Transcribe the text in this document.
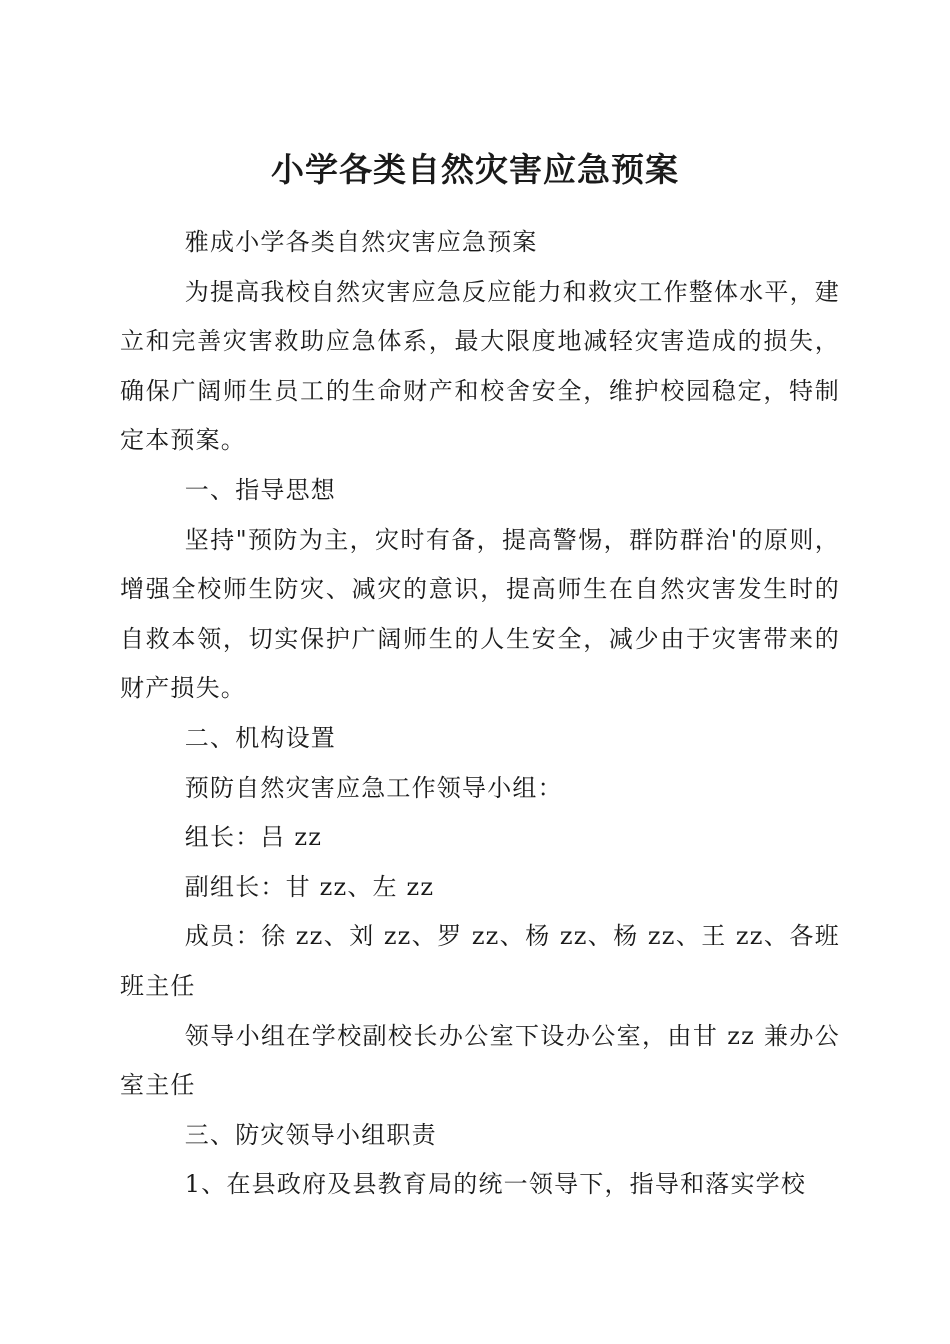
小学各类自然灾害应急预案

雅成小学各类自然灾害应急预案

为提高我校自然灾害应急反应能力和救灾工作整体水平，建立和完善灾害救助应急体系，最大限度地减轻灾害造成的损失，确保广阔师生员工的生命财产和校舍安全，维护校园稳定，特制定本预案。

一、指导思想

坚持"预防为主，灾时有备，提高警惕，群防群治'的原则，增强全校师生防灾、减灾的意识，提高师生在自然灾害发生时的自救本领，切实保护广阔师生的人生安全，减少由于灾害带来的财产损失。

二、机构设置

预防自然灾害应急工作领导小组：

组长：吕 zz

副组长：甘 zz、左 zz

成员：徐 zz、刘 zz、罗 zz、杨 zz、杨 zz、王 zz、各班班主任

领导小组在学校副校长办公室下设办公室，由甘 zz 兼办公室主任

三、防灾领导小组职责

1、在县政府及县教育局的统一领导下，指导和落实学校
